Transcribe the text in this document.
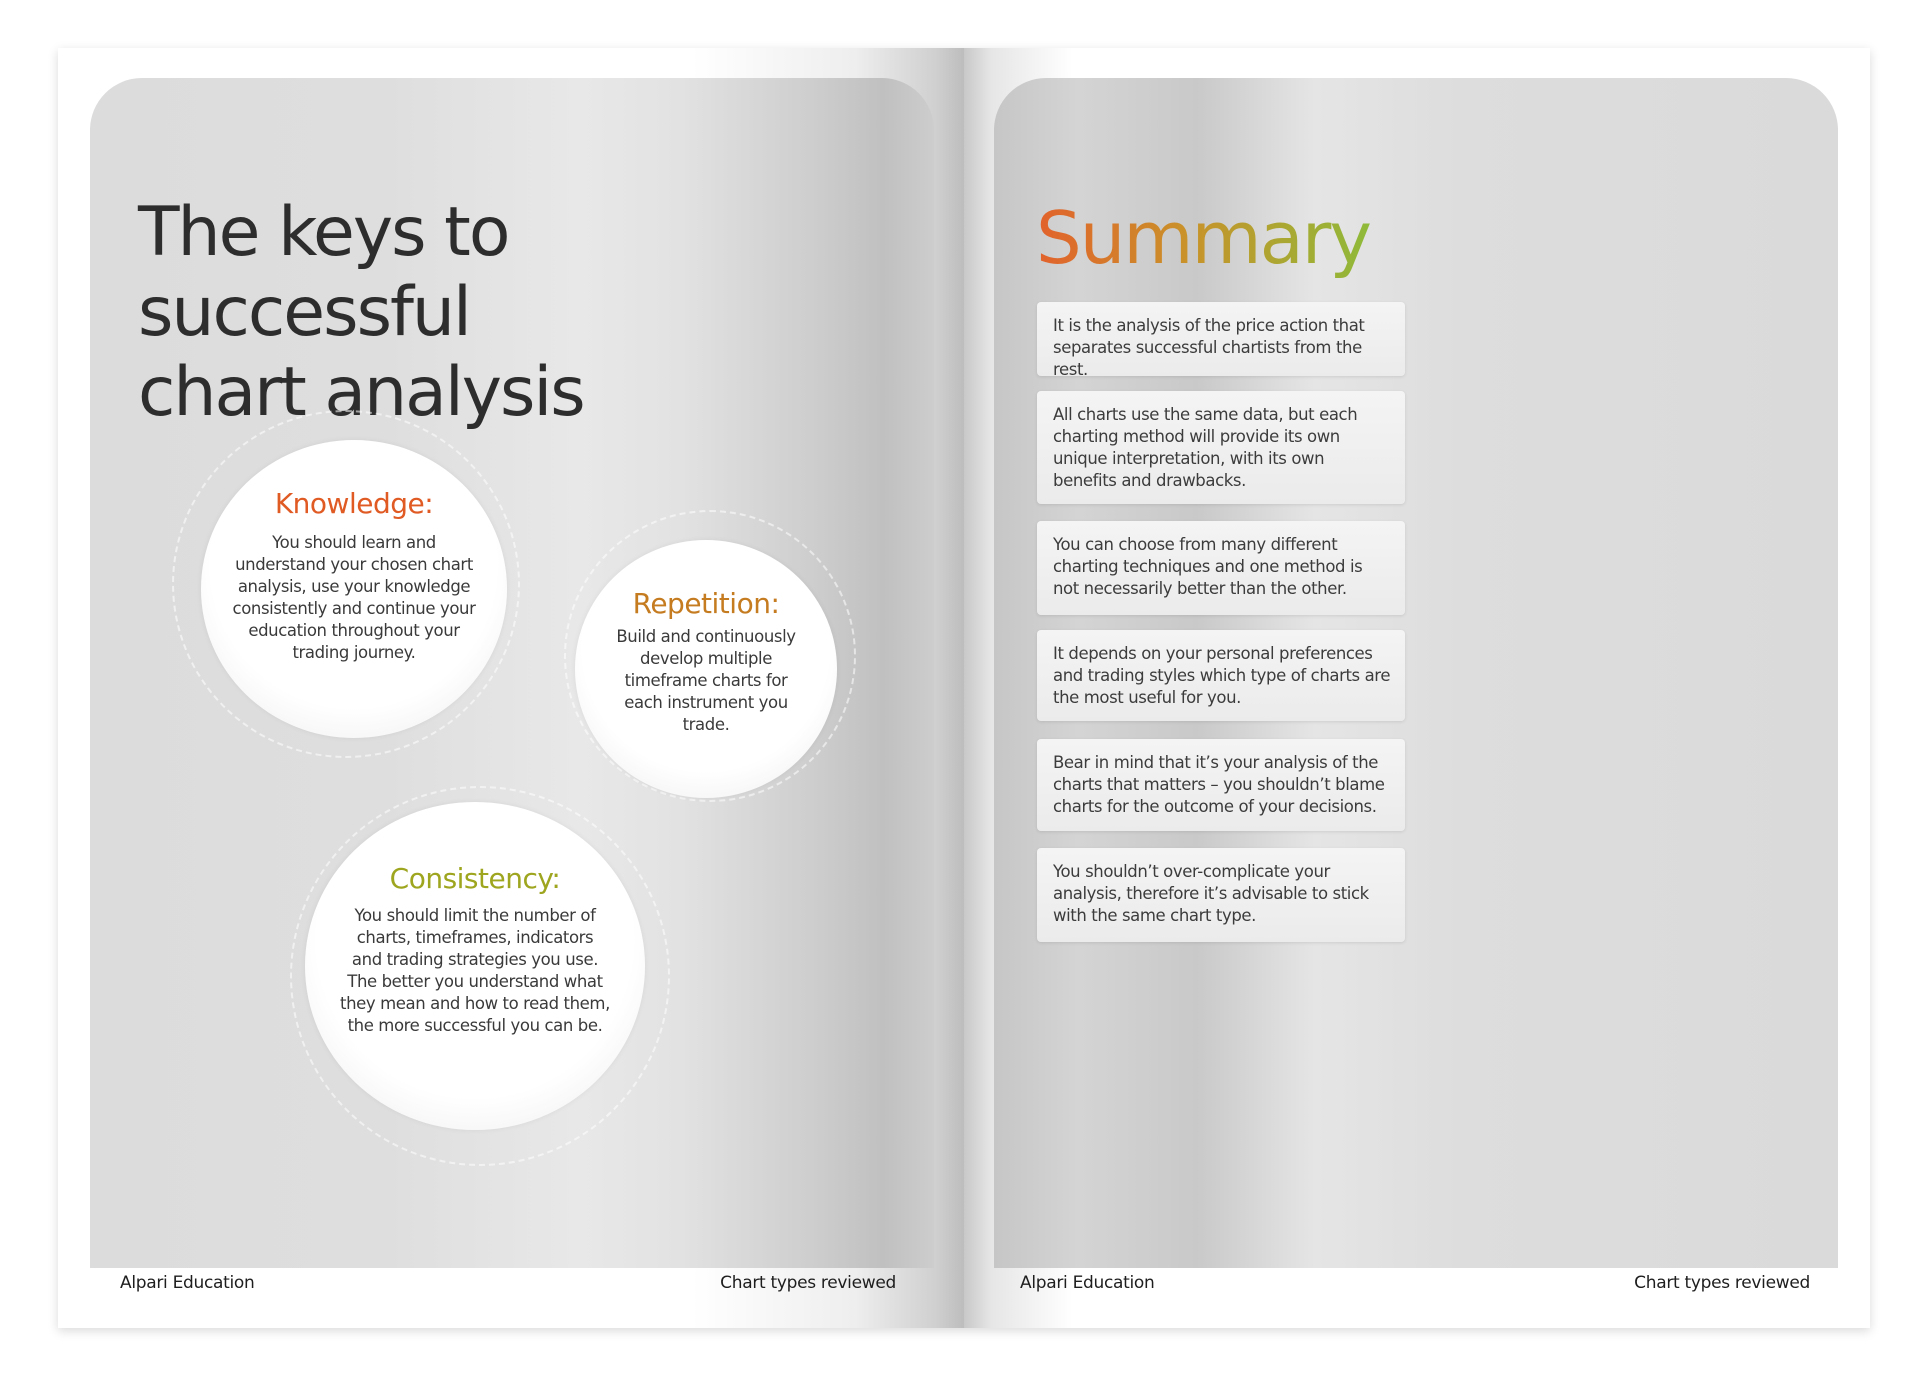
The keys to successful
chart analysis
Knowledge:

You should learn and understand your chosen chart analysis, use your knowledge consistently and continue your education throughout your trading journey.

Repetition:

Build and continuously develop multiple timeframe charts for each instrument you trade.

Consistency:

You should limit the number of charts, timeframes, indicators and trading strategies you use. The better you understand what they mean and how to read them, the more successful you can be.

Alpari Education	Chart types reviewed
Summary
It is the analysis of the price action that separates successful chartists from the rest.
All charts use the same data, but each charting method will provide its own unique interpretation, with its own benefits and drawbacks.
You can choose from many different charting techniques and one method is not necessarily better than the other.
It depends on your personal preferences and trading styles which type of charts are the most useful for you.
Bear in mind that it’s your analysis of the charts that matters – you shouldn’t blame charts for the outcome of your decisions.
You shouldn’t over-complicate your analysis, therefore it’s advisable to stick with the same chart type.
Alpari Education	Chart types reviewed
